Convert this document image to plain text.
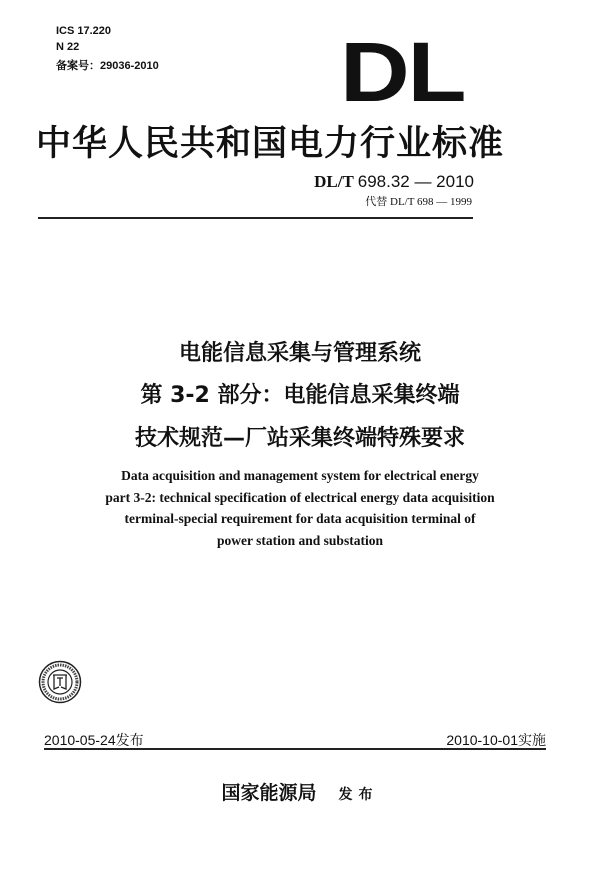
ICS 17.220
N 22
备案号：29036-2010 DL
中华人民共和国电力行业标准
DL/T 698.32 — 2010
代替 DL/T 698 — 1999
电能信息采集与管理系统
第 3-2 部分：电能信息采集终端
技术规范—厂站采集终端特殊要求
Data acquisition and management system for electrical energy
part 3-2: technical specification of electrical energy data acquisition
terminal-special requirement for data acquisition terminal of
power station and substation
2010-05-24发布	2010-10-01实施
国家能源局 发布
